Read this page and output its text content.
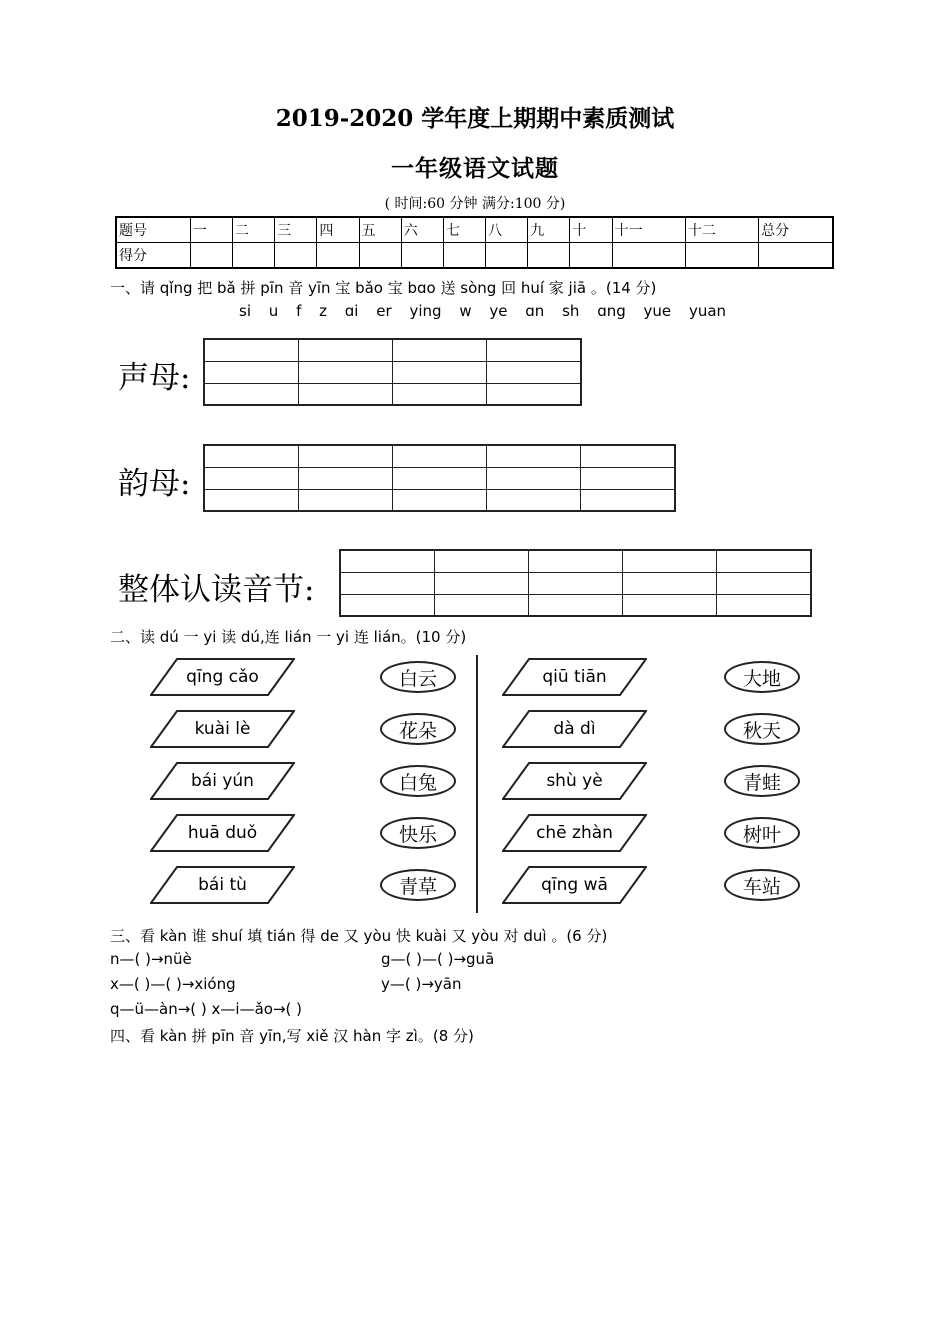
2019-2020 学年度上期期中素质测试
一年级语文试题
( 时间:60 分钟 满分:100 分)
题号	一	二	三	四	五	六	七	八	九	十	十一	十二	总分
得分													
一、请 qǐng 把 bǎ 拼 pīn 音 yīn 宝 bǎo 宝 bɑo 送 sòng 回 huí 家 jiā 。(14 分)
si u f z ɑi er ying w ye ɑn sh ɑng yue yuan
声母:
韵母:
整体认读音节:
二、读 dú 一 yi 读 dú,连 lián 一 yi 连 lián。(10 分)
qīng cǎo
kuài lè
bái yún
huā duǒ
bái tù
白云
花朵
白兔
快乐
青草
qiū tiān
dà dì
shù yè
chē zhàn
qīng wā
大地
秋天
青蛙
树叶
车站
三、看 kàn 谁 shuí 填 tián 得 de 又 yòu 快 kuài 又 yòu 对 duì 。(6 分)
n—( )→nüè	g—( )—( )→guā
x—( )—( )→xióng	y—( )→yān
q—ü—àn→( ) x—i—ǎo→( )
四、看 kàn 拼 pīn 音 yīn,写 xiě 汉 hàn 字 zì。(8 分)
